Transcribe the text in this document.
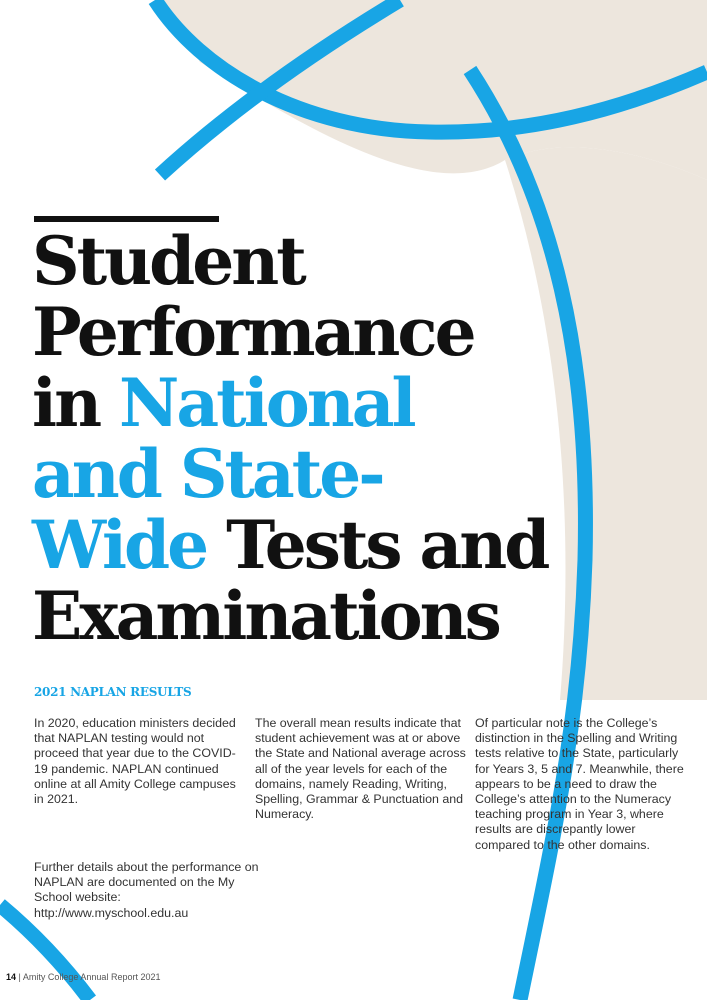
Student
Performance
in National
and State-
Wide Tests and
Examinations
2021 NAPLAN RESULTS

In 2020, education ministers decided that NAPLAN testing would not proceed that year due to the COVID-19 pandemic. NAPLAN continued online at all Amity College campuses in 2021.

The overall mean results indicate that student achievement was at or above the State and National average across all of the year levels for each of the domains, namely Reading, Writing, Spelling, Grammar & Punctuation and Numeracy.

Of particular note is the College’s distinction in the Spelling and Writing tests relative to the State, particularly for Years 3, 5 and 7. Meanwhile, there appears to be a need to draw the College’s attention to the Numeracy teaching program in Year 3, where results are discrepantly lower compared to the other domains.

Further details about the performance on NAPLAN are documented on the My School website: http://www.myschool.edu.au

14 | Amity College Annual Report 2021
